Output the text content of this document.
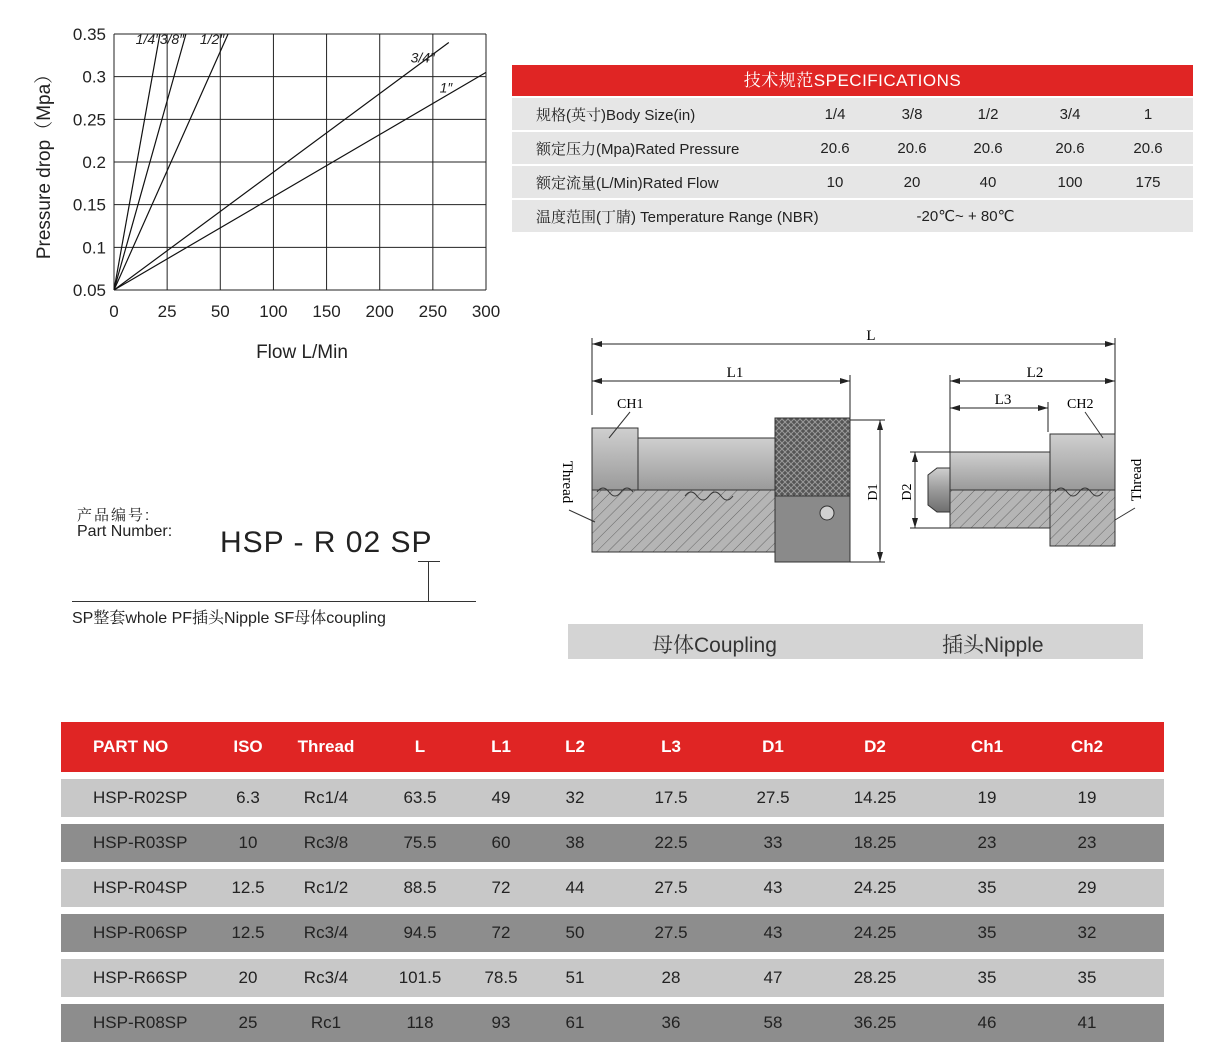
0 25 50 100 150 200 250 300
0.35
0.3
0.25
0.2
0.15
0.1
0.05
Flow L/Min
Pressure drop（Mpa）
1/4″ 3/8″ 1/2″
3/4″
1″	技术规范SPECIFICATIONS
规格(英寸)Body Size(in)	1/4	3/8	1/2	3/4	1
额定压力(Mpa)Rated Pressure	20.6	20.6	20.6	20.6	20.6
额定流量(L/Min)Rated Flow	10	20	40	100	175
温度范围(丁腈) Temperature Range (NBR)	-20℃~ + 80℃
产品编号:
Part Number: HSP - R 02 SP
SP整套whole PF插头Nipple SF母体coupling
L
L1	L2
L3
CH1	CH2
D1 D2
Thread	Thread
母体Coupling	插头Nipple
PART NO	ISO Thread	L	L1	L2	L3	D1	D2	Ch1	Ch2
HSP-R02SP	6.3	Rc1/4	63.5	49	32	17.5	27.5	14.25	19	19
HSP-R03SP	10	Rc3/8	75.5	60	38	22.5	33	18.25	23	23
HSP-R04SP	12.5 Rc1/2	88.5	72	44	27.5	43	24.25	35	29
HSP-R06SP	12.5 Rc3/4	94.5	72	50	27.5	43	24.25	35	32
HSP-R66SP	20	Rc3/4	101.5	78.5	51	28	47	28.25	35	35
HSP-R08SP	25	Rc1	118	93	61	36	58	36.25	46	41
